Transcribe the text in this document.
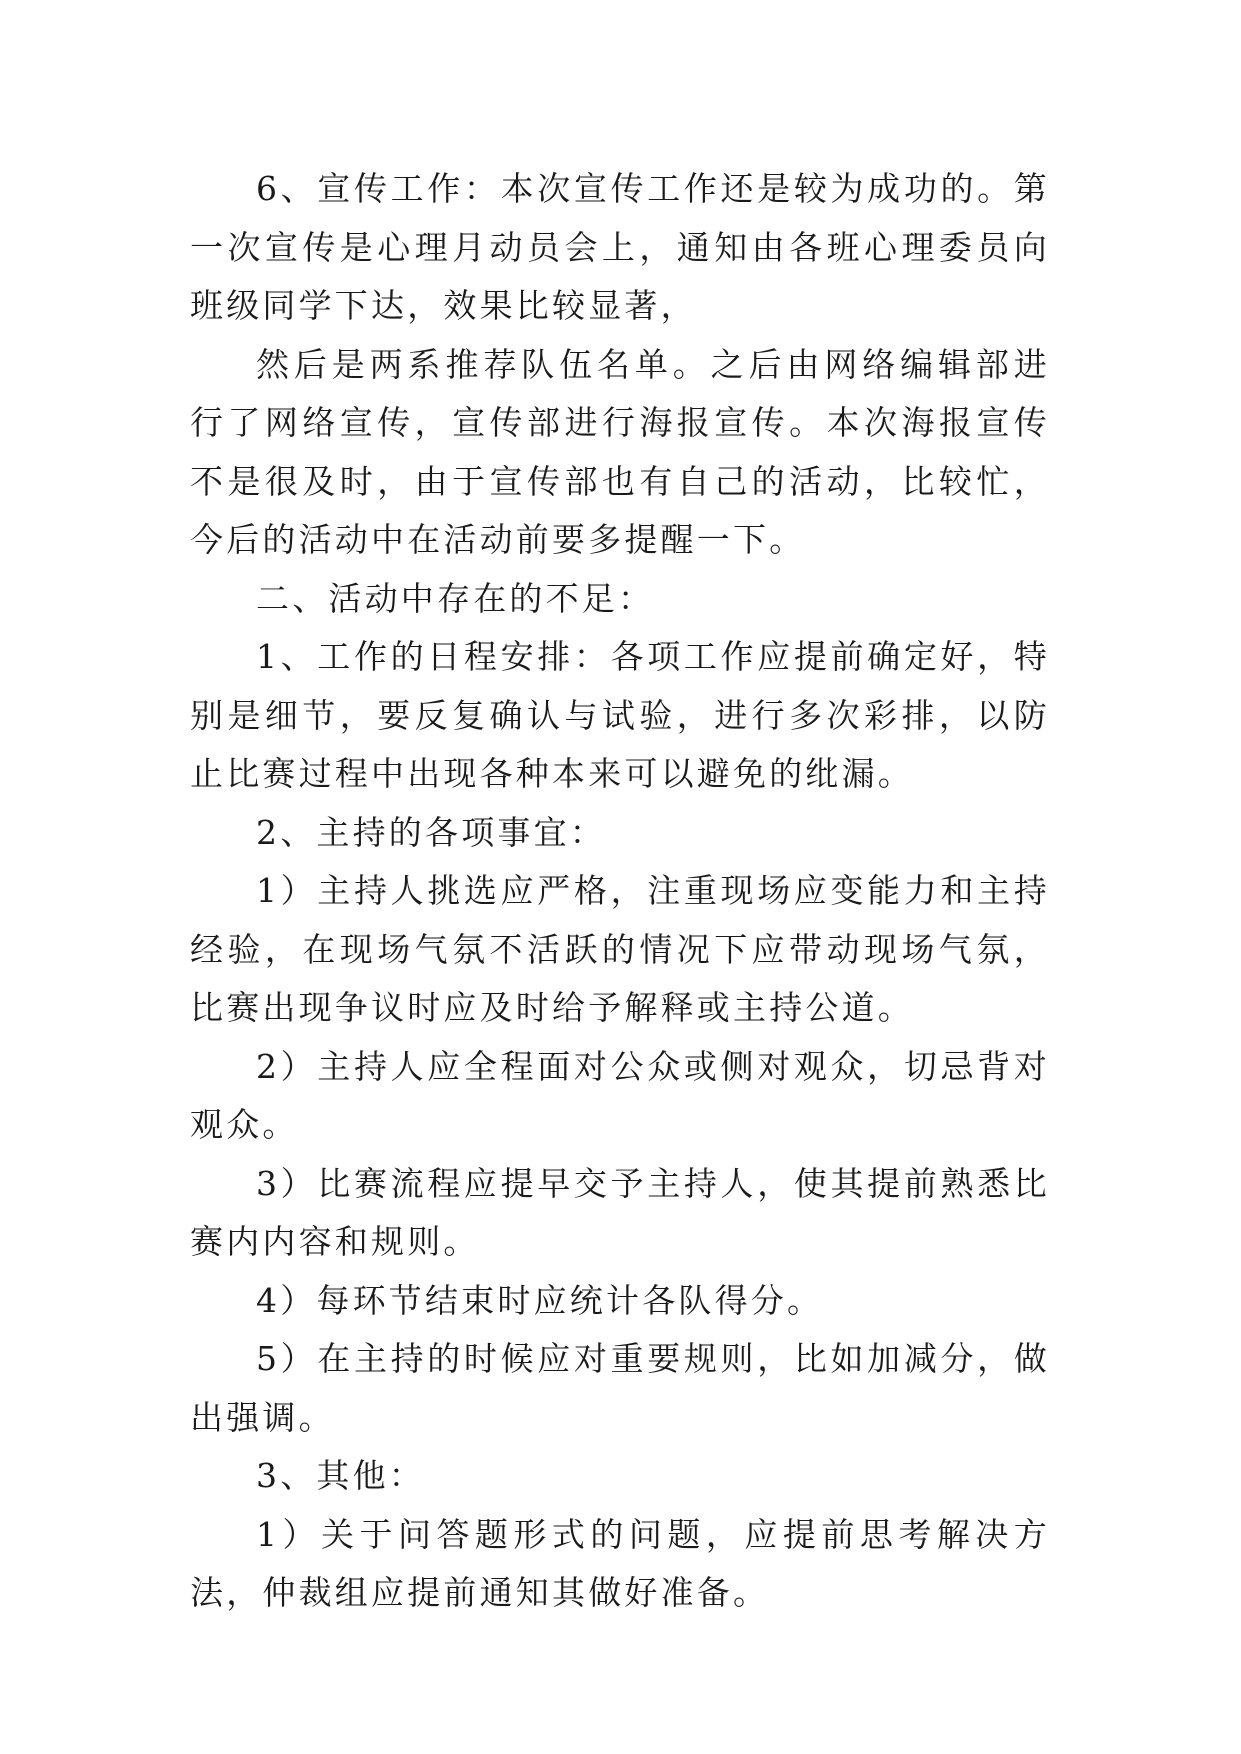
6、宣传工作：本次宣传工作还是较为成功的。第一次宣传是心理月动员会上，通知由各班心理委员向班级同学下达，效果比较显著，

然后是两系推荐队伍名单。之后由网络编辑部进行了网络宣传，宣传部进行海报宣传。本次海报宣传不是很及时，由于宣传部也有自己的活动，比较忙，今后的活动中在活动前要多提醒一下。

二、活动中存在的不足：

1、工作的日程安排：各项工作应提前确定好，特别是细节，要反复确认与试验，进行多次彩排，以防止比赛过程中出现各种本来可以避免的纰漏。

2、主持的各项事宜：

1）主持人挑选应严格，注重现场应变能力和主持经验，在现场气氛不活跃的情况下应带动现场气氛，比赛出现争议时应及时给予解释或主持公道。

2）主持人应全程面对公众或侧对观众，切忌背对观众。

3）比赛流程应提早交予主持人，使其提前熟悉比赛内内容和规则。

4）每环节结束时应统计各队得分。

5）在主持的时候应对重要规则，比如加减分，做出强调。

3、其他：

1）关于问答题形式的问题，应提前思考解决方法，仲裁组应提前通知其做好准备。
